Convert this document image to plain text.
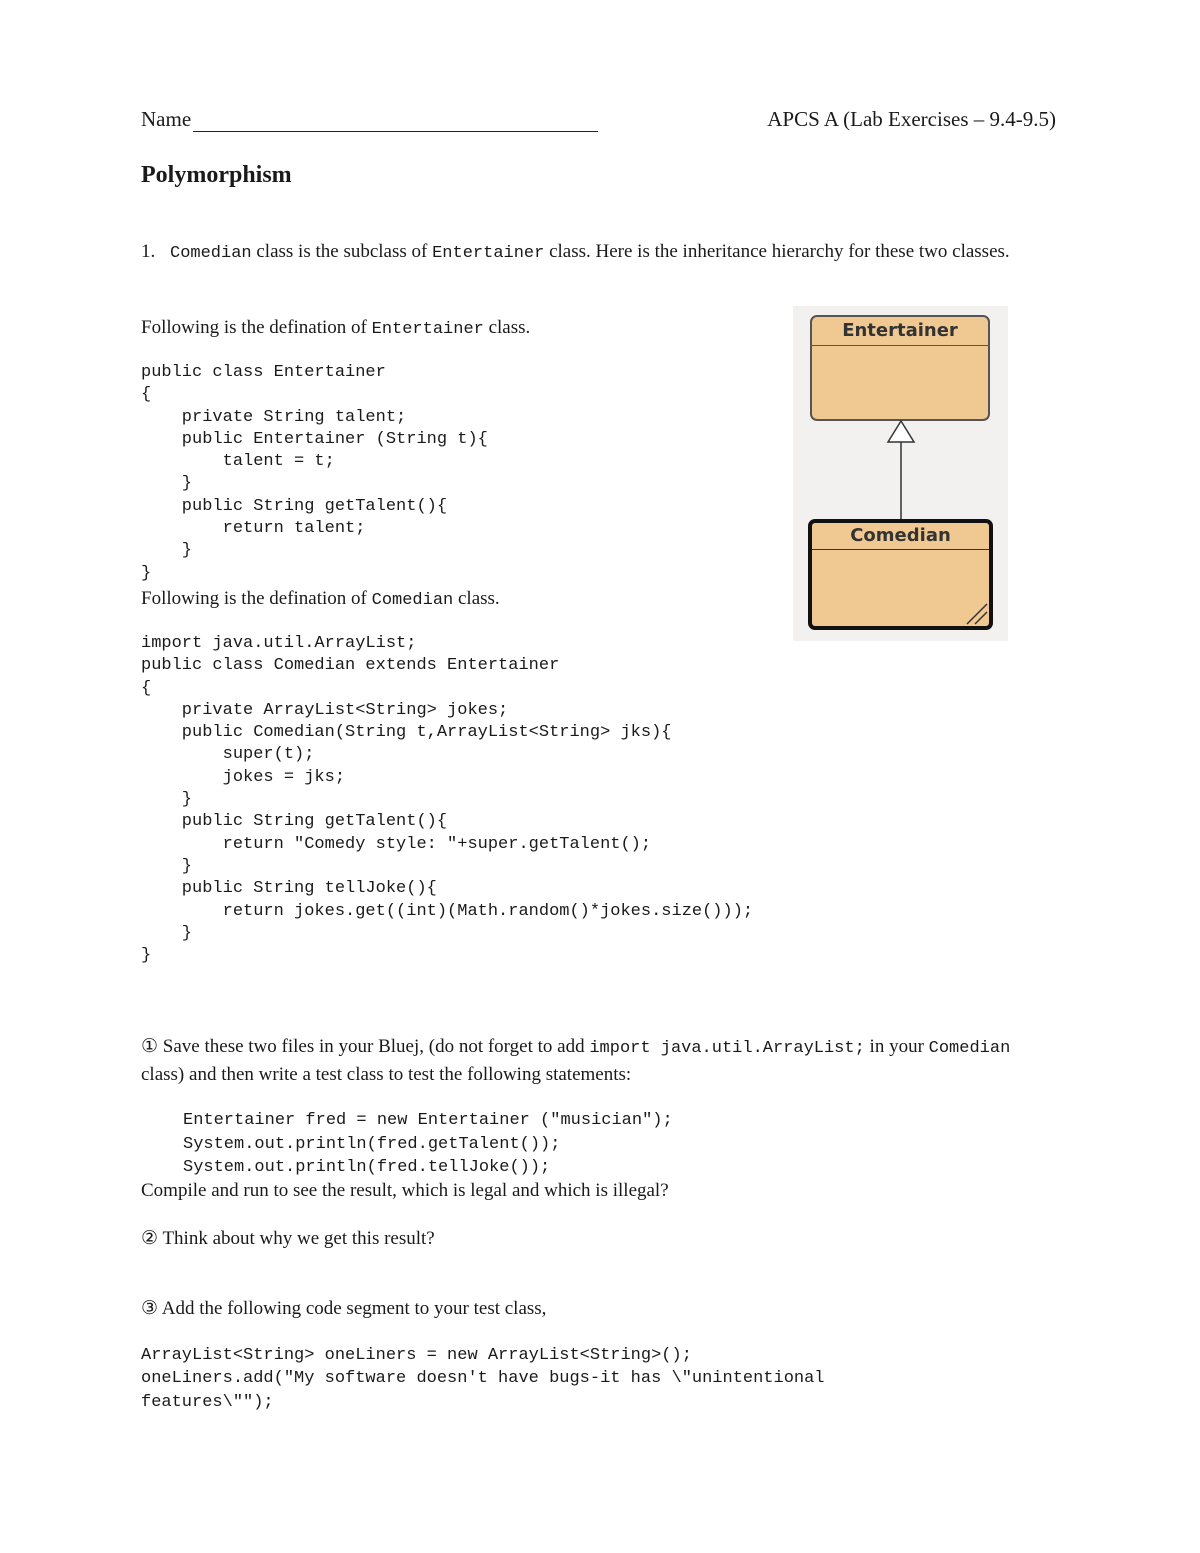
Name	APCS A (Lab Exercises – 9.4-9.5)
Polymorphism
1. Comedian class is the subclass of Entertainer class. Here is the inheritance hierarchy for these two classes.
Following is the defination of Entertainer class.
public class Entertainer
{
private String talent;
public Entertainer (String t){
talent = t;
}
public String getTalent(){
return talent;
}
}
Following is the defination of Comedian class.
import java.util.ArrayList;
public class Comedian extends Entertainer
{
private ArrayList<String> jokes;
public Comedian(String t,ArrayList<String> jks){
super(t);
jokes = jks;
}
public String getTalent(){
return "Comedy style: "+super.getTalent();
}
public String tellJoke(){
return jokes.get((int)(Math.random()*jokes.size()));
}
}
Entertainer
Comedian
① Save these two files in your Bluej, (do not forget to add import java.util.ArrayList; in your Comedian class) and then write a test class to test the following statements:
Entertainer fred = new Entertainer ("musician");
System.out.println(fred.getTalent());
System.out.println(fred.tellJoke());
Compile and run to see the result, which is legal and which is illegal?
② Think about why we get this result?
③ Add the following code segment to your test class,
ArrayList<String> oneLiners = new ArrayList<String>();
oneLiners.add("My software doesn't have bugs-it has \"unintentional
features\"");
